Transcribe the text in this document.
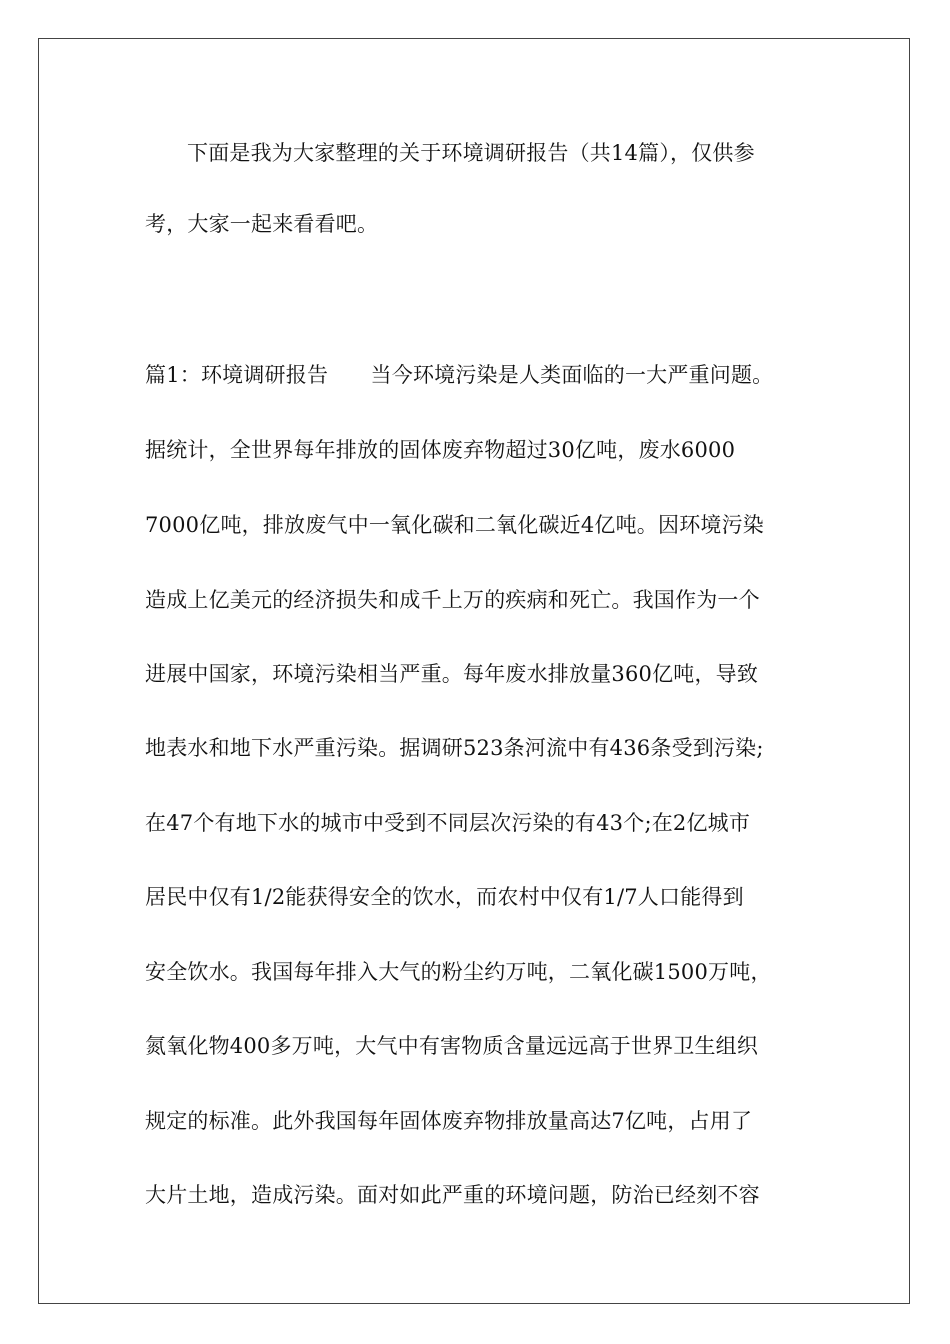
下面是我为大家整理的关于环境调研报告（共14篇），仅供参
考，大家一起来看看吧。
篇1：环境调研报告　　当今环境污染是人类面临的一大严重问题。
据统计，全世界每年排放的固体废弃物超过30亿吨，废水6000
7000亿吨，排放废气中一氧化碳和二氧化碳近4亿吨。因环境污染
造成上亿美元的经济损失和成千上万的疾病和死亡。我国作为一个
进展中国家，环境污染相当严重。每年废水排放量360亿吨，导致
地表水和地下水严重污染。据调研523条河流中有436条受到污染;
在47个有地下水的城市中受到不同层次污染的有43个;在2亿城市
居民中仅有1/2能获得安全的饮水，而农村中仅有1/7人口能得到
安全饮水。我国每年排入大气的粉尘约万吨，二氧化碳1500万吨，
氮氧化物400多万吨，大气中有害物质含量远远高于世界卫生组织
规定的标准。此外我国每年固体废弃物排放量高达7亿吨，占用了
大片土地，造成污染。面对如此严重的环境问题，防治已经刻不容
